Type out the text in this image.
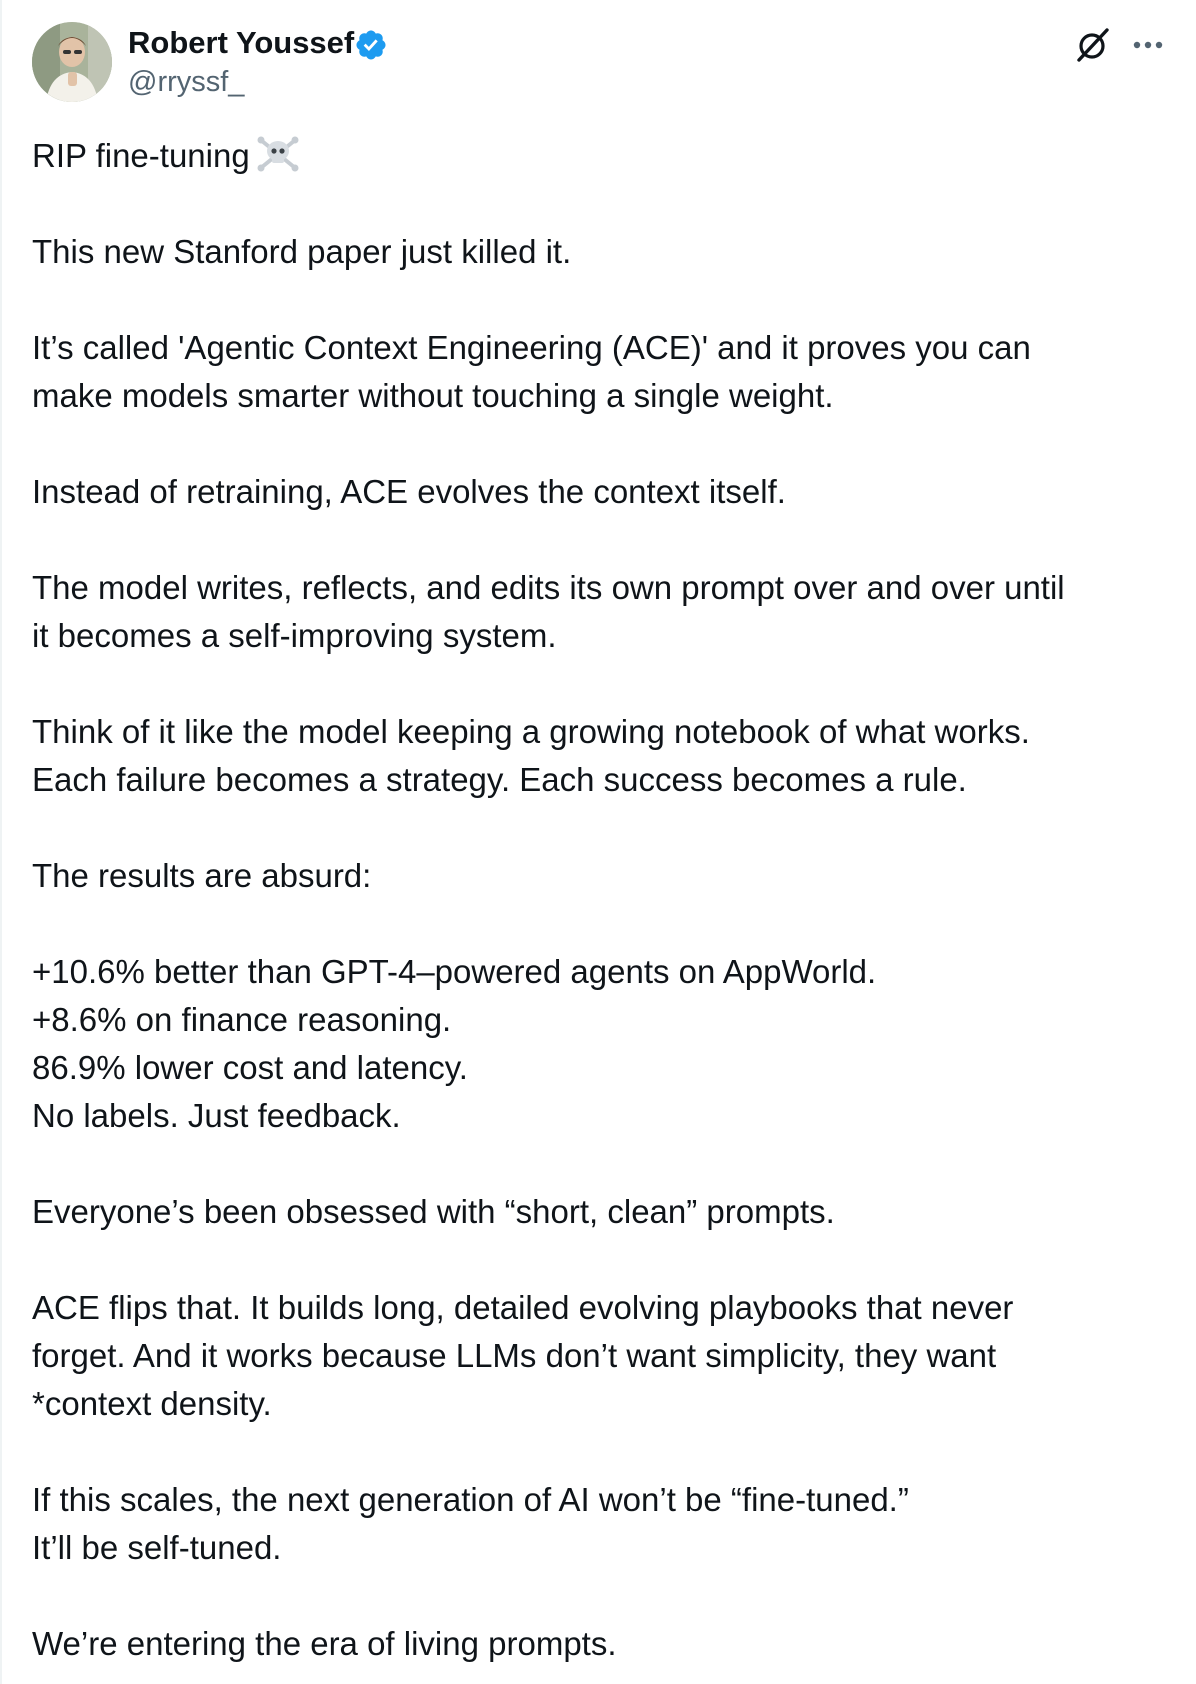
Robert Youssef
@rryssf_

RIP fine-tuning

This new Stanford paper just killed it.

It’s called 'Agentic Context Engineering (ACE)' and it proves you can
make models smarter without touching a single weight.

Instead of retraining, ACE evolves the context itself.

The model writes, reflects, and edits its own prompt over and over until
it becomes a self-improving system.

Think of it like the model keeping a growing notebook of what works.
Each failure becomes a strategy. Each success becomes a rule.

The results are absurd:

+10.6% better than GPT-4–powered agents on AppWorld.
+8.6% on finance reasoning.
86.9% lower cost and latency.
No labels. Just feedback.

Everyone’s been obsessed with “short, clean” prompts.

ACE flips that. It builds long, detailed evolving playbooks that never
forget. And it works because LLMs don’t want simplicity, they want
*context density.

If this scales, the next generation of AI won’t be “fine-tuned.”
It’ll be self-tuned.

We’re entering the era of living prompts.
